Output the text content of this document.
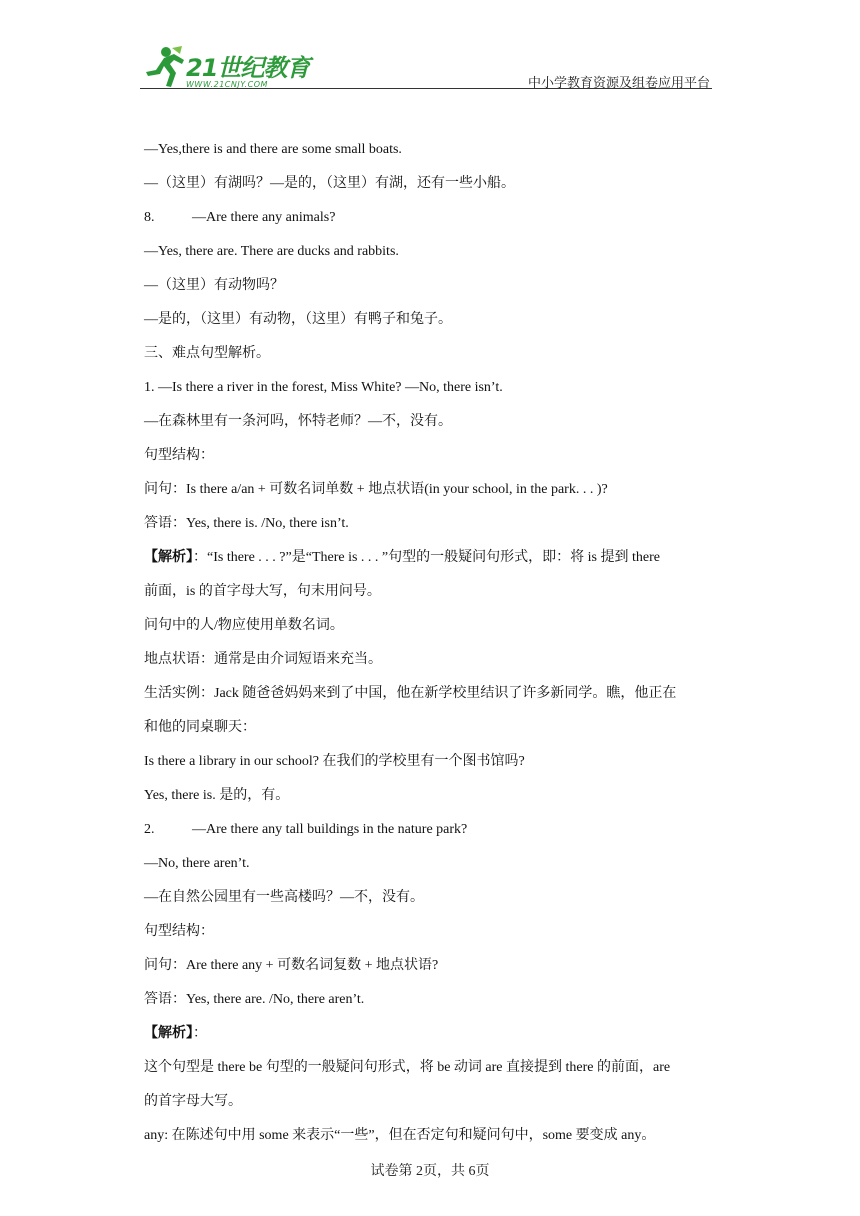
21世纪教育
WWW.21CNJY.COM	中小学教育资源及组卷应用平台
—Yes,there is and there are some small boats.
—（这里）有湖吗？—是的，（这里）有湖，还有一些小船。
8.	—Are there any animals?
—Yes, there are. There are ducks and rabbits.
—（这里）有动物吗？
—是的，（这里）有动物，（这里）有鸭子和兔子。
三、难点句型解析。
1. —Is there a river in the forest, Miss White? —No, there isn’t.
—在森林里有一条河吗，怀特老师？—不，没有。
句型结构：
问句：Is there a/an + 可数名词单数 + 地点状语(in your school, in the park. . . )?
答语：Yes, there is. /No, there isn’t.
【解析】：“Is there . . . ?”是“There is . . . ”句型的一般疑问句形式，即：将 is 提到 there
前面，is 的首字母大写，句末用问号。
问句中的人/物应使用单数名词。
地点状语：通常是由介词短语来充当。
生活实例：Jack 随爸爸妈妈来到了中国，他在新学校里结识了许多新同学。瞧，他正在
和他的同桌聊天：
Is there a library in our school? 在我们的学校里有一个图书馆吗?
Yes, there is. 是的，有。
2.	—Are there any tall buildings in the nature park?
—No, there aren’t.
—在自然公园里有一些高楼吗？—不，没有。
句型结构：
问句：Are there any + 可数名词复数 + 地点状语?
答语：Yes, there are. /No, there aren’t.
【解析】：
这个句型是 there be 句型的一般疑问句形式，将 be 动词 are 直接提到 there 的前面，are
的首字母大写。
any: 在陈述句中用 some 来表示“一些”，但在否定句和疑问句中，some 要变成 any。
试卷第 2页，共 6页
